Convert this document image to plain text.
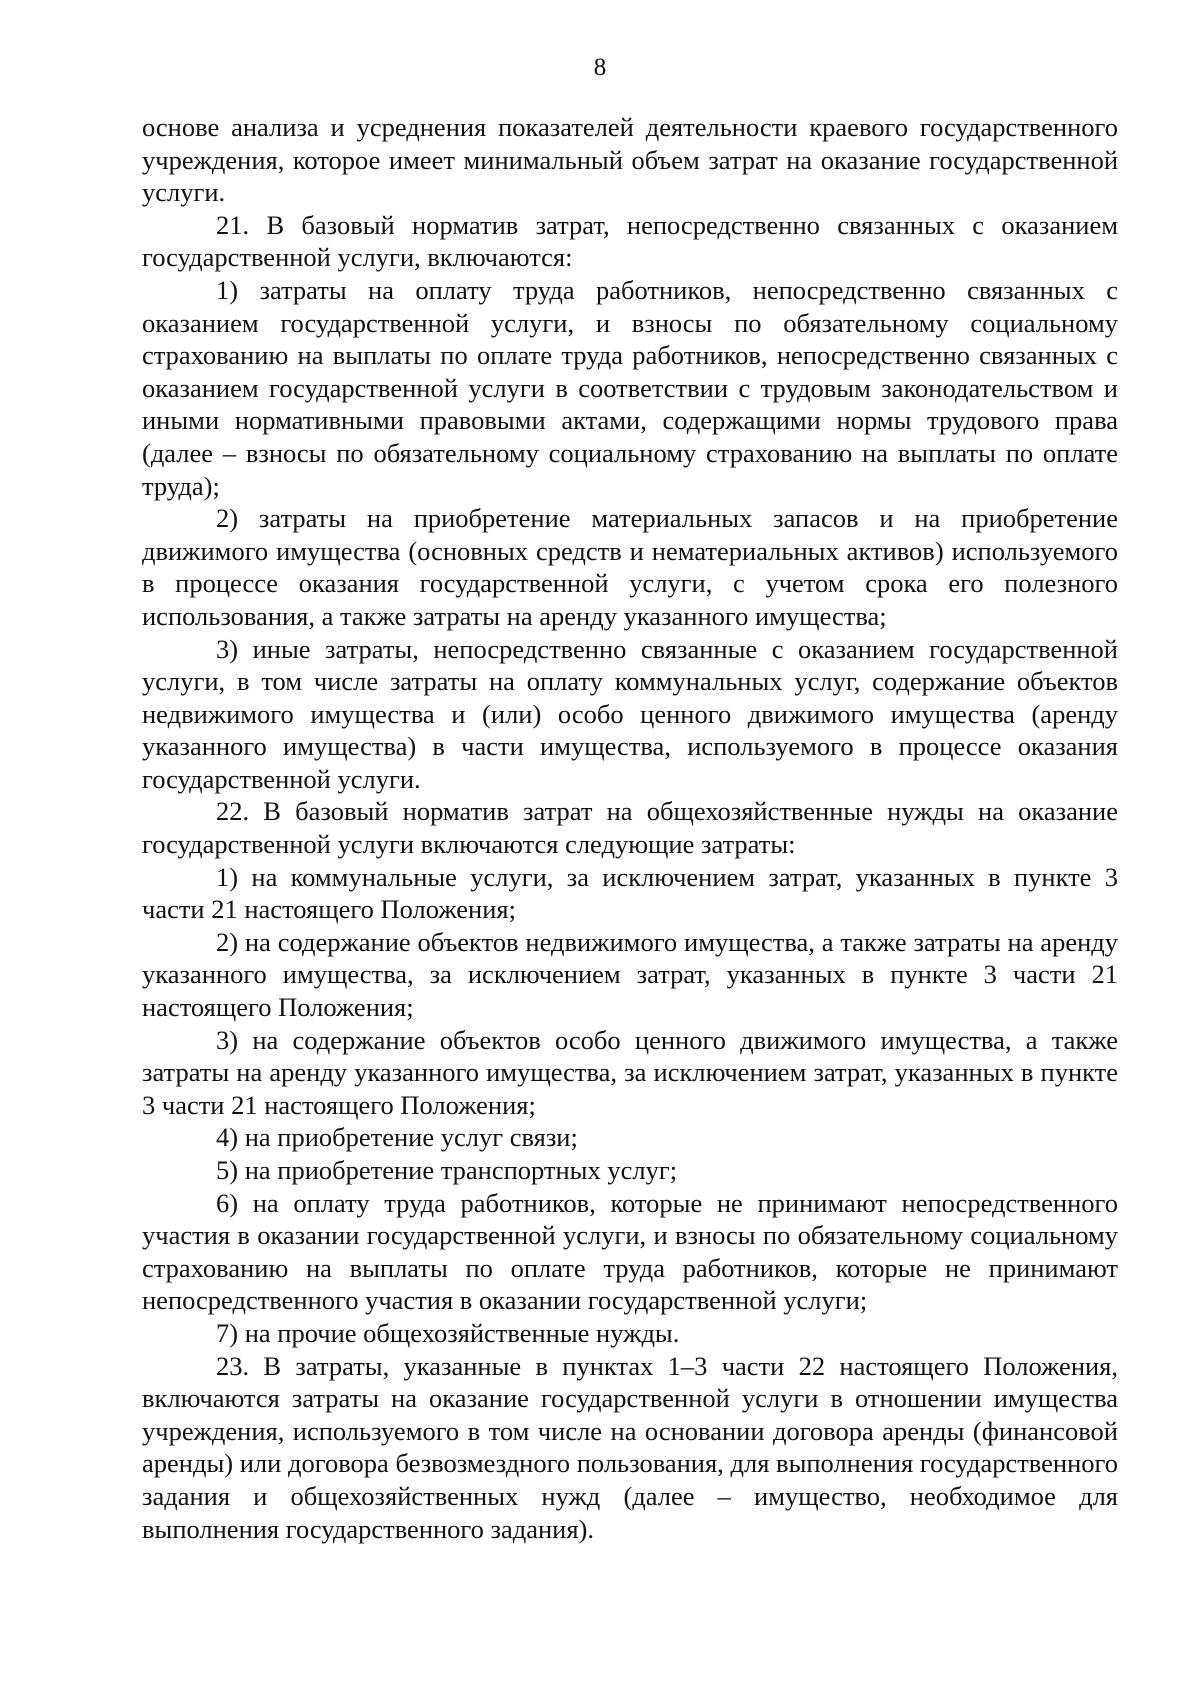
8

основе анализа и усреднения показателей деятельности краевого государственного учреждения, которое имеет минимальный объем затрат на оказание государственной услуги.

21. В базовый норматив затрат, непосредственно связанных с оказанием государственной услуги, включаются:

1) затраты на оплату труда работников, непосредственно связанных с оказанием государственной услуги, и взносы по обязательному социальному страхованию на выплаты по оплате труда работников, непосредственно связанных с оказанием государственной услуги в соответствии с трудовым законодательством и иными нормативными правовыми актами, содержащими нормы трудового права (далее – взносы по обязательному социальному страхованию на выплаты по оплате труда);

2) затраты на приобретение материальных запасов и на приобретение движимого имущества (основных средств и нематериальных активов) используемого в процессе оказания государственной услуги, с учетом срока его полезного использования, а также затраты на аренду указанного имущества;

3) иные затраты, непосредственно связанные с оказанием государственной услуги, в том числе затраты на оплату коммунальных услуг, содержание объектов недвижимого имущества и (или) особо ценного движимого имущества (аренду указанного имущества) в части имущества, используемого в процессе оказания государственной услуги.

22. В базовый норматив затрат на общехозяйственные нужды на оказание государственной услуги включаются следующие затраты:

1) на коммунальные услуги, за исключением затрат, указанных в пункте 3 части 21 настоящего Положения;

2) на содержание объектов недвижимого имущества, а также затраты на аренду указанного имущества, за исключением затрат, указанных в пункте 3 части 21 настоящего Положения;

3) на содержание объектов особо ценного движимого имущества, а также затраты на аренду указанного имущества, за исключением затрат, указанных в пункте 3 части 21 настоящего Положения;

4) на приобретение услуг связи;

5) на приобретение транспортных услуг;

6) на оплату труда работников, которые не принимают непосредственного участия в оказании государственной услуги, и взносы по обязательному социальному страхованию на выплаты по оплате труда работников, которые не принимают непосредственного участия в оказании государственной услуги;

7) на прочие общехозяйственные нужды.

23. В затраты, указанные в пунктах 1–3 части 22 настоящего Положения, включаются затраты на оказание государственной услуги в отношении имущества учреждения, используемого в том числе на основании договора аренды (финансовой аренды) или договора безвозмездного пользования, для выполнения государственного задания и общехозяйственных нужд (далее – имущество, необходимое для выполнения государственного задания).
